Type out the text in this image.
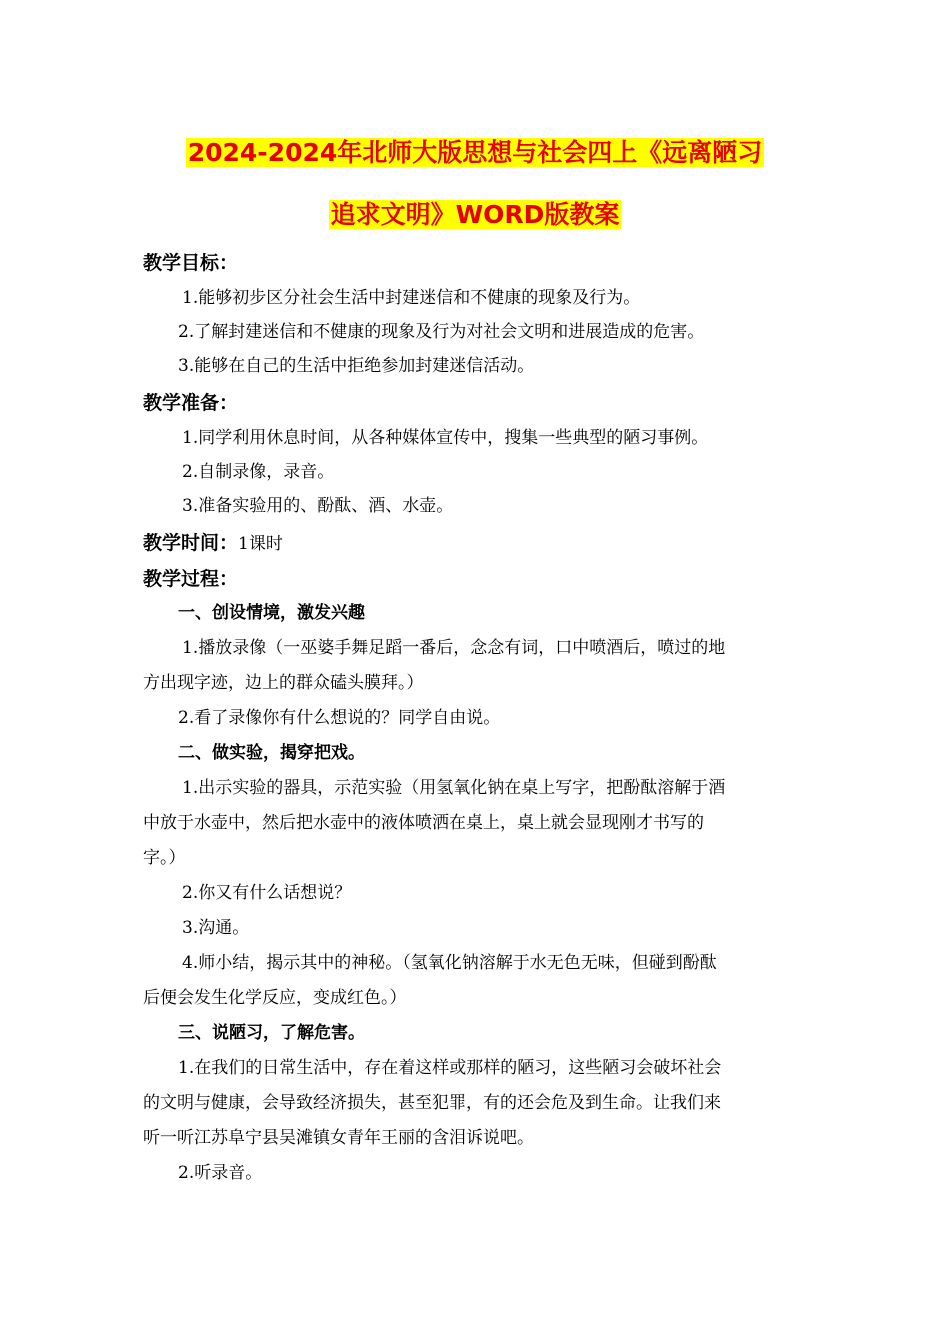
2024-2024年北师大版思想与社会四上《远离陋习
追求文明》WORD版教案
教学目标：
1.能够初步区分社会生活中封建迷信和不健康的现象及行为。
2.了解封建迷信和不健康的现象及行为对社会文明和进展造成的危害。
3.能够在自己的生活中拒绝参加封建迷信活动。
教学准备：
1.同学利用休息时间，从各种媒体宣传中，搜集一些典型的陋习事例。
2.自制录像，录音。
3.准备实验用的、酚酞、酒、水壶。
教学时间：1课时
教学过程：
一、创设情境，激发兴趣
1.播放录像（一巫婆手舞足蹈一番后，念念有词，口中喷酒后，喷过的地
方出现字迹，边上的群众磕头膜拜。）
2.看了录像你有什么想说的？同学自由说。
二、做实验，揭穿把戏。
1.出示实验的器具，示范实验（用氢氧化钠在桌上写字，把酚酞溶解于酒
中放于水壶中，然后把水壶中的液体喷洒在桌上，桌上就会显现刚才书写的
字。）
2.你又有什么话想说？
3.沟通。
4.师小结，揭示其中的神秘。（氢氧化钠溶解于水无色无味，但碰到酚酞
后便会发生化学反应，变成红色。）
三、说陋习，了解危害。
1.在我们的日常生活中，存在着这样或那样的陋习，这些陋习会破坏社会
的文明与健康，会导致经济损失，甚至犯罪，有的还会危及到生命。让我们来
听一听江苏阜宁县吴滩镇女青年王丽的含泪诉说吧。
2.听录音。
